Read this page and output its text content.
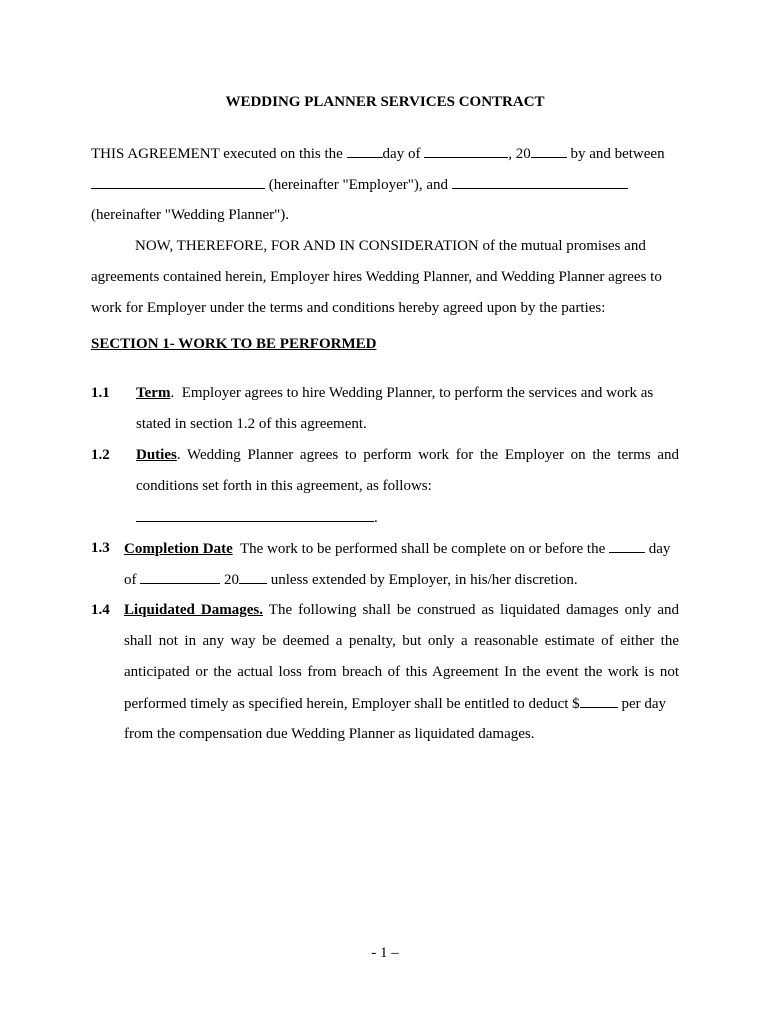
WEDDING PLANNER SERVICES CONTRACT
THIS AGREEMENT executed on this the day of	, 20 by and between
(hereinafter "Employer"), and
(hereinafter "Wedding Planner").
NOW, THEREFORE, FOR AND IN CONSIDERATION of the mutual promises and
agreements contained herein, Employer hires Wedding Planner, and Wedding Planner agrees to
work for Employer under the terms and conditions hereby agreed upon by the parties:
SECTION 1- WORK TO BE PERFORMED
1.1 Term.  Employer agrees to hire Wedding Planner, to perform the services and work as
stated in section 1.2 of this agreement.
1.2 Duties. Wedding Planner agrees to perform work for the Employer on the terms and
conditions set forth in this agreement, as follows:
.
1.3 Completion Date  The work to be performed shall be complete on or before the  day
of	20 unless extended by Employer, in his/her discretion.
1.4 Liquidated Damages. The following shall be construed as liquidated damages only and
shall not in any way be deemed a penalty, but only a reasonable estimate of either the
anticipated or the actual loss from breach of this Agreement In the event the work is not
performed timely as specified herein, Employer shall be entitled to deduct $	per day
from the compensation due Wedding Planner as liquidated damages.
- 1 –
